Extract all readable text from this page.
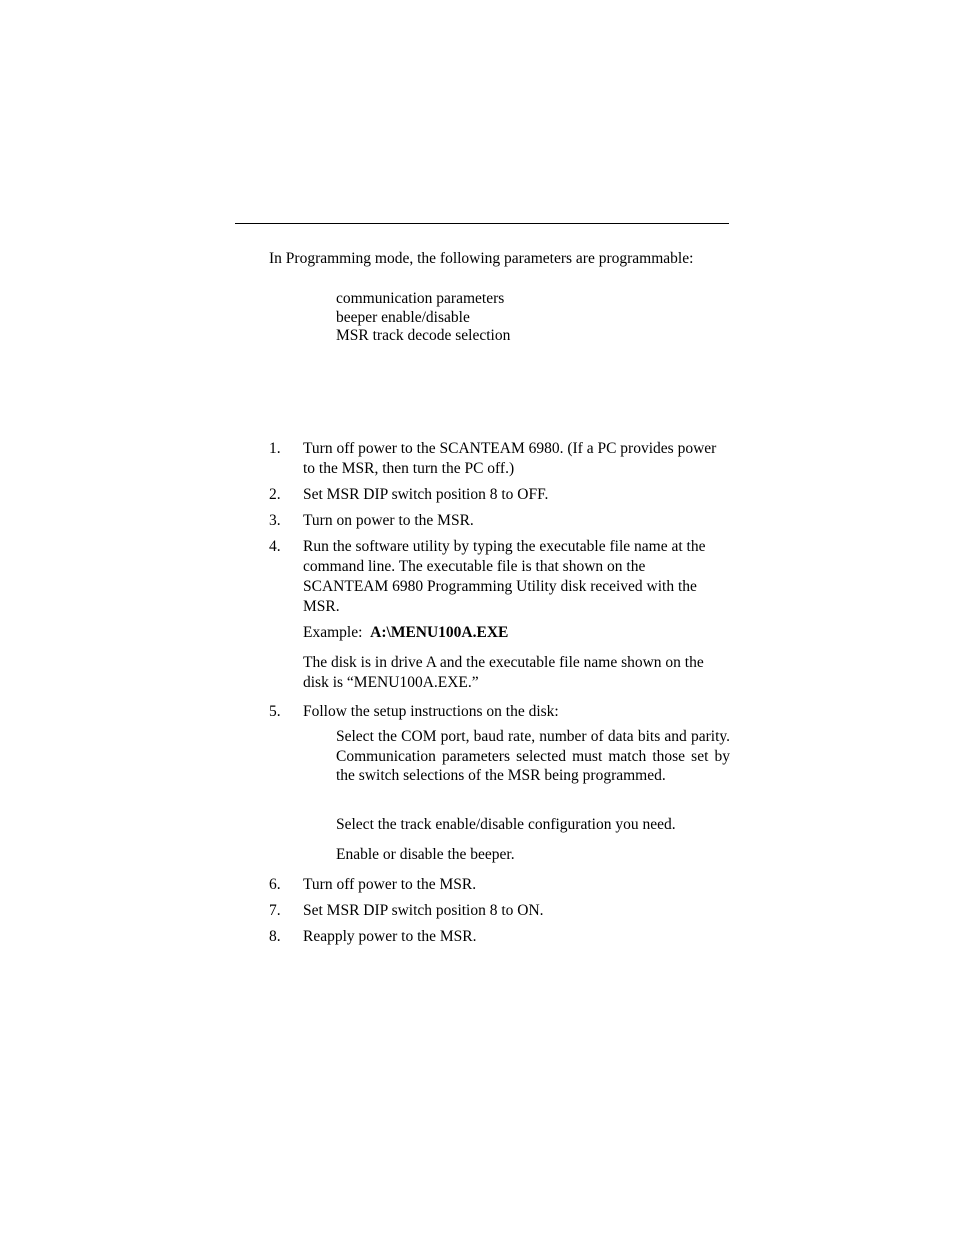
In Programming mode, the following parameters are programmable:
communication parameters
beeper enable/disable
MSR track decode selection
1.	Turn off power to the SCANTEAM 6980. (If a PC provides power to the MSR, then turn the PC off.)
2.	Set MSR DIP switch position 8 to OFF.
3.	Turn on power to the MSR.
4.	Run the software utility by typing the executable file name at the command line. The executable file is that shown on the SCANTEAM 6980 Programming Utility disk received with the MSR.
Example: A:\MENU100A.EXE
The disk is in drive A and the executable file name shown on the disk is “MENU100A.EXE.”
5.	Follow the setup instructions on the disk:
Select the COM port, baud rate, number of data bits and parity. Communication parameters selected must match those set by the switch selections of the MSR being programmed.
Select the track enable/disable configuration you need.
Enable or disable the beeper.
6.	Turn off power to the MSR.
7.	Set MSR DIP switch position 8 to ON.
8.	Reapply power to the MSR.
